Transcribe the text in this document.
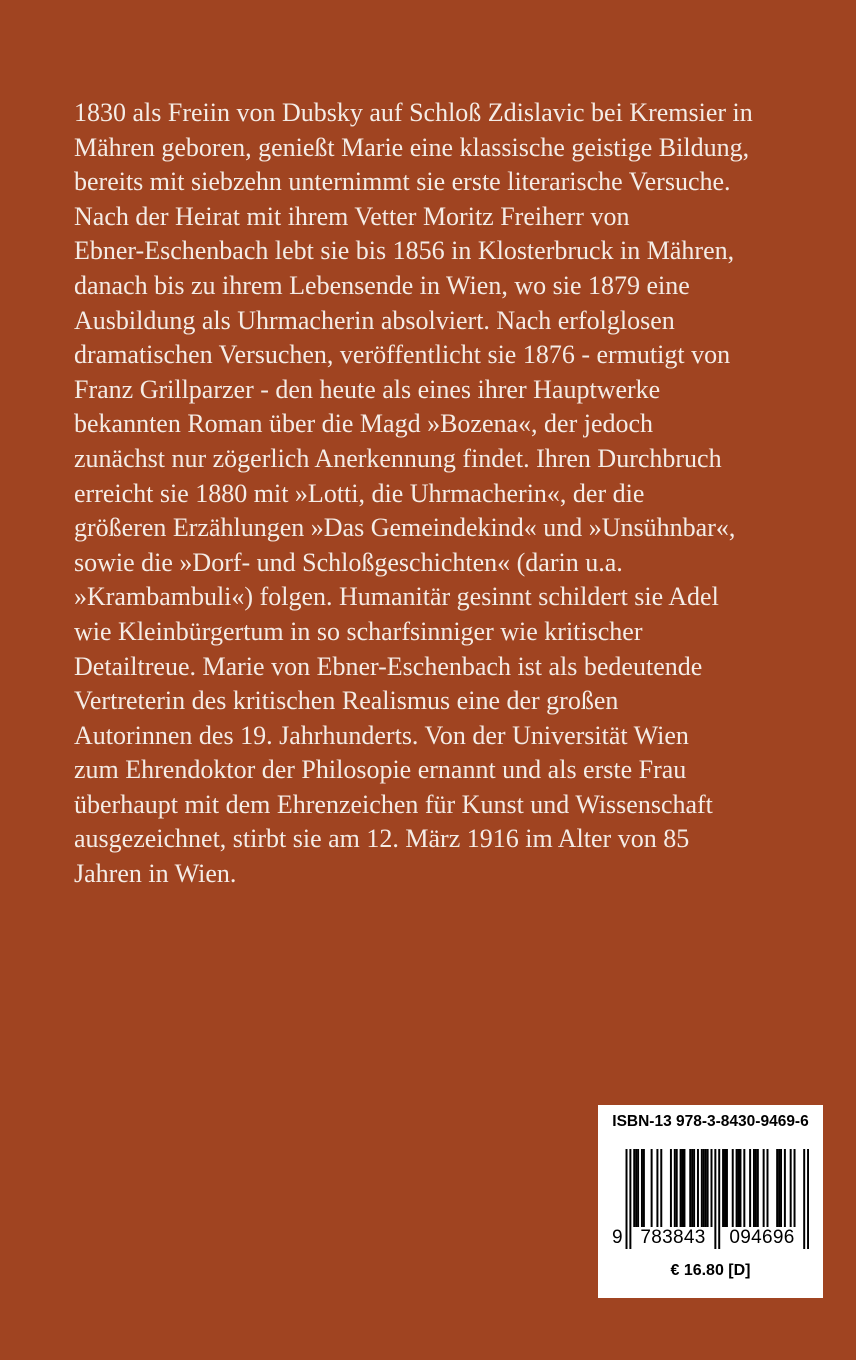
1830 als Freiin von Dubsky auf Schloß Zdislavic bei Kremsier in
Mähren geboren, genießt Marie eine klassische geistige Bildung,
bereits mit siebzehn unternimmt sie erste literarische Versuche.
Nach der Heirat mit ihrem Vetter Moritz Freiherr von
Ebner-Eschenbach lebt sie bis 1856 in Klosterbruck in Mähren,
danach bis zu ihrem Lebensende in Wien, wo sie 1879 eine
Ausbildung als Uhrmacherin absolviert. Nach erfolglosen
dramatischen Versuchen, veröffentlicht sie 1876 - ermutigt von
Franz Grillparzer - den heute als eines ihrer Hauptwerke
bekannten Roman über die Magd »Bozena«, der jedoch
zunächst nur zögerlich Anerkennung findet. Ihren Durchbruch
erreicht sie 1880 mit »Lotti, die Uhrmacherin«, der die
größeren Erzählungen »Das Gemeindekind« und »Unsühnbar«,
sowie die »Dorf- und Schloßgeschichten« (darin u.a.
»Krambambuli«) folgen. Humanitär gesinnt schildert sie Adel
wie Kleinbürgertum in so scharfsinniger wie kritischer
Detailtreue. Marie von Ebner-Eschenbach ist als bedeutende
Vertreterin des kritischen Realismus eine der großen
Autorinnen des 19. Jahrhunderts. Von der Universität Wien
zum Ehrendoktor der Philosopie ernannt und als erste Frau
überhaupt mit dem Ehrenzeichen für Kunst und Wissenschaft
ausgezeichnet, stirbt sie am 12. März 1916 im Alter von 85
Jahren in Wien.

ISBN-13 978-3-8430-9469-6
9 783843	094696
€ 16.80 [D]
